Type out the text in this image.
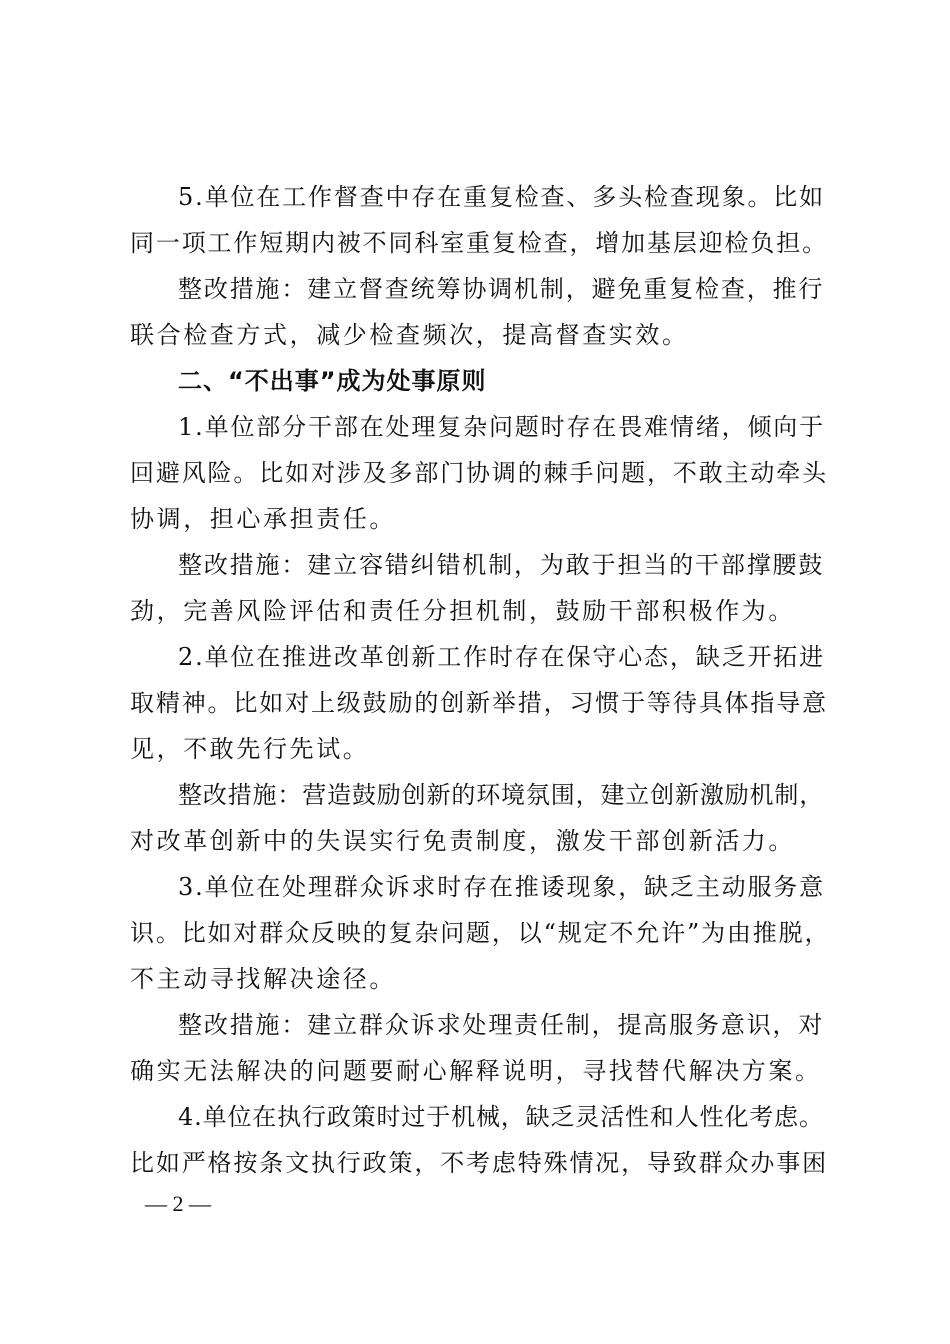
5.单位在工作督查中存在重复检查、多头检查现象。比如
同一项工作短期内被不同科室重复检查，增加基层迎检负担。
整改措施：建立督查统筹协调机制，避免重复检查，推行
联合检查方式，减少检查频次，提高督查实效。
二、“不出事”成为处事原则
1.单位部分干部在处理复杂问题时存在畏难情绪，倾向于
回避风险。比如对涉及多部门协调的棘手问题，不敢主动牵头
协调，担心承担责任。
整改措施：建立容错纠错机制，为敢于担当的干部撑腰鼓
劲，完善风险评估和责任分担机制，鼓励干部积极作为。
2.单位在推进改革创新工作时存在保守心态，缺乏开拓进
取精神。比如对上级鼓励的创新举措，习惯于等待具体指导意
见，不敢先行先试。
整改措施：营造鼓励创新的环境氛围，建立创新激励机制，
对改革创新中的失误实行免责制度，激发干部创新活力。
3.单位在处理群众诉求时存在推诿现象，缺乏主动服务意
识。比如对群众反映的复杂问题，以“规定不允许”为由推脱，
不主动寻找解决途径。
整改措施：建立群众诉求处理责任制，提高服务意识，对
确实无法解决的问题要耐心解释说明，寻找替代解决方案。
4.单位在执行政策时过于机械，缺乏灵活性和人性化考虑。
比如严格按条文执行政策，不考虑特殊情况，导致群众办事困
— 2 —
